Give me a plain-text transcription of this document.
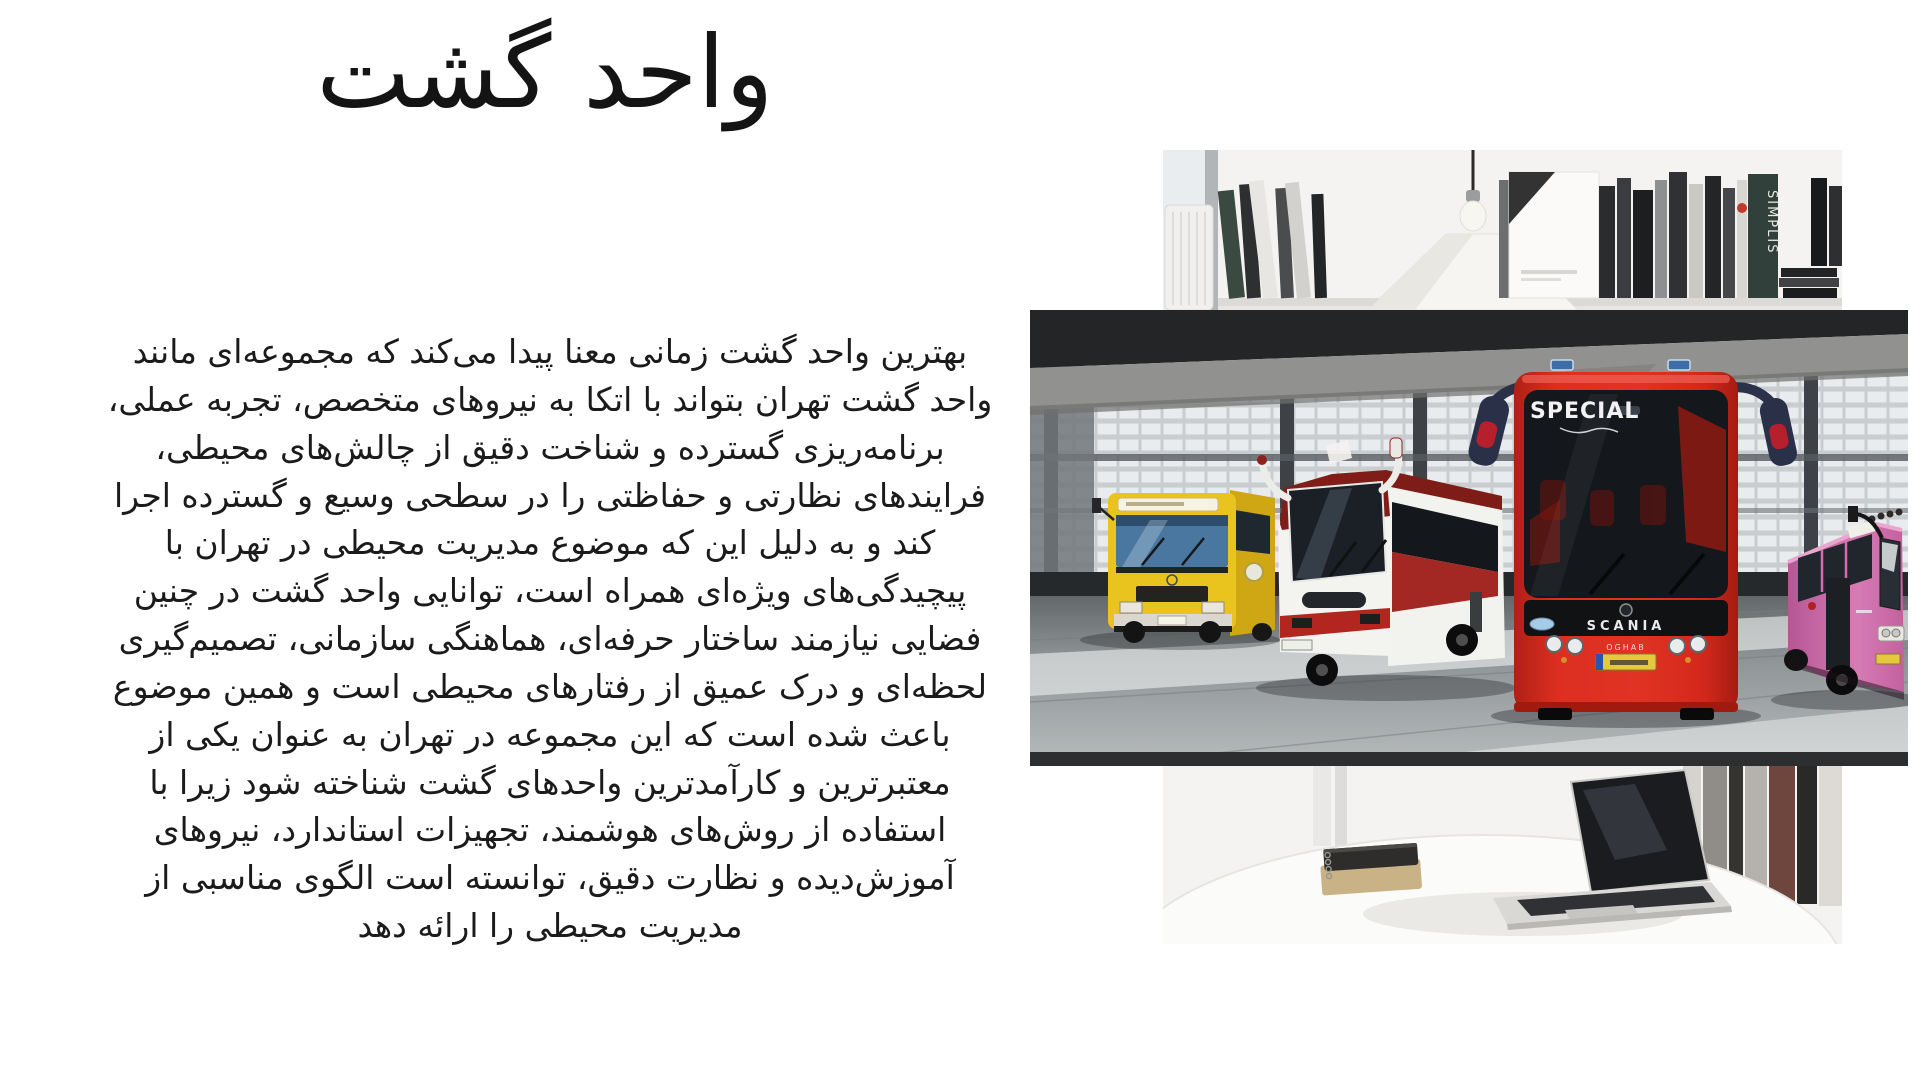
واحد گشت

بهترین واحد گشت زمانی معنا پیدا می‌کند که مجموعه‌ای مانند واحد گشت تهران بتواند با اتکا به نیروهای متخصص، تجربه عملی، برنامه‌ریزی گسترده و شناخت دقیق از چالش‌های محیطی، فرایندهای نظارتی و حفاظتی را در سطحی وسیع و گسترده اجرا کند و به دلیل این که موضوع مدیریت محیطی در تهران با پیچیدگی‌های ویژه‌ای همراه است، توانایی واحد گشت در چنین فضایی نیازمند ساختار حرفه‌ای، هماهنگی سازمانی، تصمیم‌گیری لحظه‌ای و درک عمیق از رفتارهای محیطی است و همین موضوع باعث شده است که این مجموعه در تهران به عنوان یکی از معتبرترین و کارآمدترین واحدهای گشت شناخته شود زیرا با استفاده از روش‌های هوشمند، تجهیزات استاندارد، نیروهای آموزش‌دیده و نظارت دقیق، توانسته است الگوی مناسبی از مدیریت محیطی را ارائه دهد

SIMPLIS
SPECIAL
SCANIA
OGHAB
